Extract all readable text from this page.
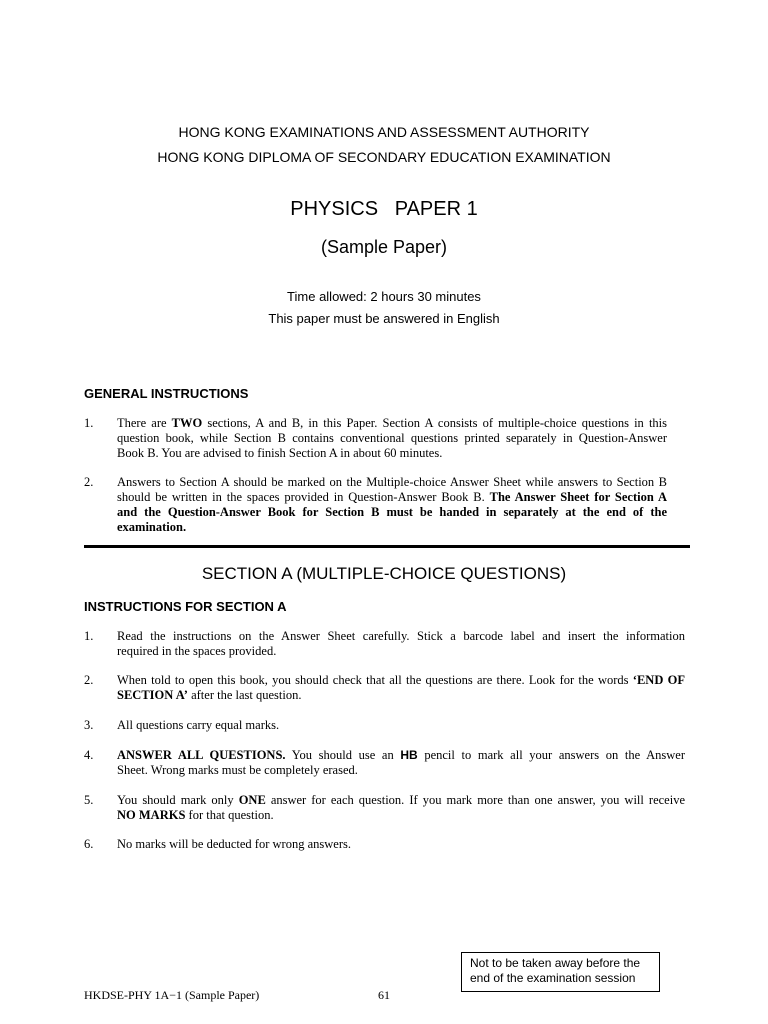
HONG KONG EXAMINATIONS AND ASSESSMENT AUTHORITY
HONG KONG DIPLOMA OF SECONDARY EDUCATION EXAMINATION
PHYSICS   PAPER 1
(Sample Paper)
Time allowed: 2 hours 30 minutes
This paper must be answered in English
GENERAL INSTRUCTIONS
1. There are TWO sections, A and B, in this Paper. Section A consists of multiple-choice questions in this
question book, while Section B contains conventional questions printed separately in Question-Answer
Book B. You are advised to finish Section A in about 60 minutes.
2. Answers to Section A should be marked on the Multiple-choice Answer Sheet while answers to Section B
should be written in the spaces provided in Question-Answer Book B. The Answer Sheet for Section A
and the Question-Answer Book for Section B must be handed in separately at the end of the
examination.
SECTION A (MULTIPLE-CHOICE QUESTIONS)
INSTRUCTIONS FOR SECTION A
1. Read the instructions on the Answer Sheet carefully. Stick a barcode label and insert the information
required in the spaces provided.
2. When told to open this book, you should check that all the questions are there. Look for the words ‘END OF
SECTION A’ after the last question.
3. All questions carry equal marks.
4. ANSWER ALL QUESTIONS. You should use an HB pencil to mark all your answers on the Answer
Sheet. Wrong marks must be completely erased.
5. You should mark only ONE answer for each question. If you mark more than one answer, you will receive
NO MARKS for that question.
6. No marks will be deducted for wrong answers.
Not to be taken away before the
end of the examination session
HKDSE-PHY 1A−1 (Sample Paper)	61
